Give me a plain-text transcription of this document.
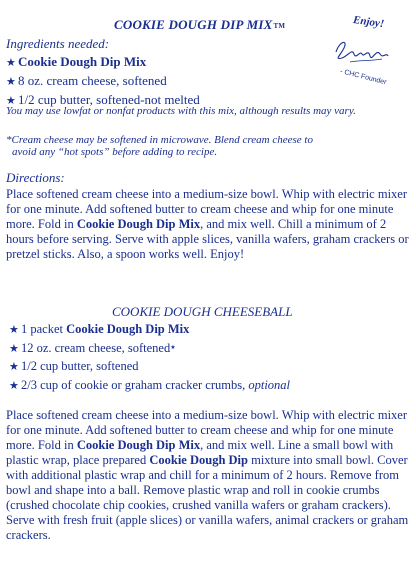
COOKIE DOUGH DIP MIXTM	Enjoy!
- CHC Founder
Ingredients needed:
★ Cookie Dough Dip Mix
★ 8 oz. cream cheese, softened
★ 1/2 cup butter, softened-not melted
You may use lowfat or nonfat products with this mix, although results may vary.
*Cream cheese may be softened in microwave. Blend cream cheese to
avoid any “hot spots” before adding to recipe.
Directions:
Place softened cream cheese into a medium-size bowl. Whip with electric mixer for one minute. Add softened butter to cream cheese and whip for one minute more. Fold in Cookie Dough Dip Mix, and mix well. Chill a minimum of 2 hours before serving. Serve with apple slices, vanilla wafers, graham crackers or pretzel sticks. Also, a spoon works well. Enjoy!
COOKIE DOUGH CHEESEBALL
★ 1 packet Cookie Dough Dip Mix
★ 12 oz. cream cheese, softened★
★ 1/2 cup butter, softened
★ 2/3 cup of cookie or graham cracker crumbs, optional
Place softened cream cheese into a medium-size bowl. Whip with electric mixer for one minute. Add softened butter to cream cheese and whip for one minute more. Fold in Cookie Dough Dip Mix, and mix well. Line a small bowl with plastic wrap, place prepared Cookie Dough Dip mixture into small bowl. Cover with additional plastic wrap and chill for a minimum of 2 hours. Remove from bowl and shape into a ball. Remove plastic wrap and roll in cookie crumbs (crushed chocolate chip cookies, crushed vanilla wafers or graham crackers). Serve with fresh fruit (apple slices) or vanilla wafers, animal crackers or graham crackers.
